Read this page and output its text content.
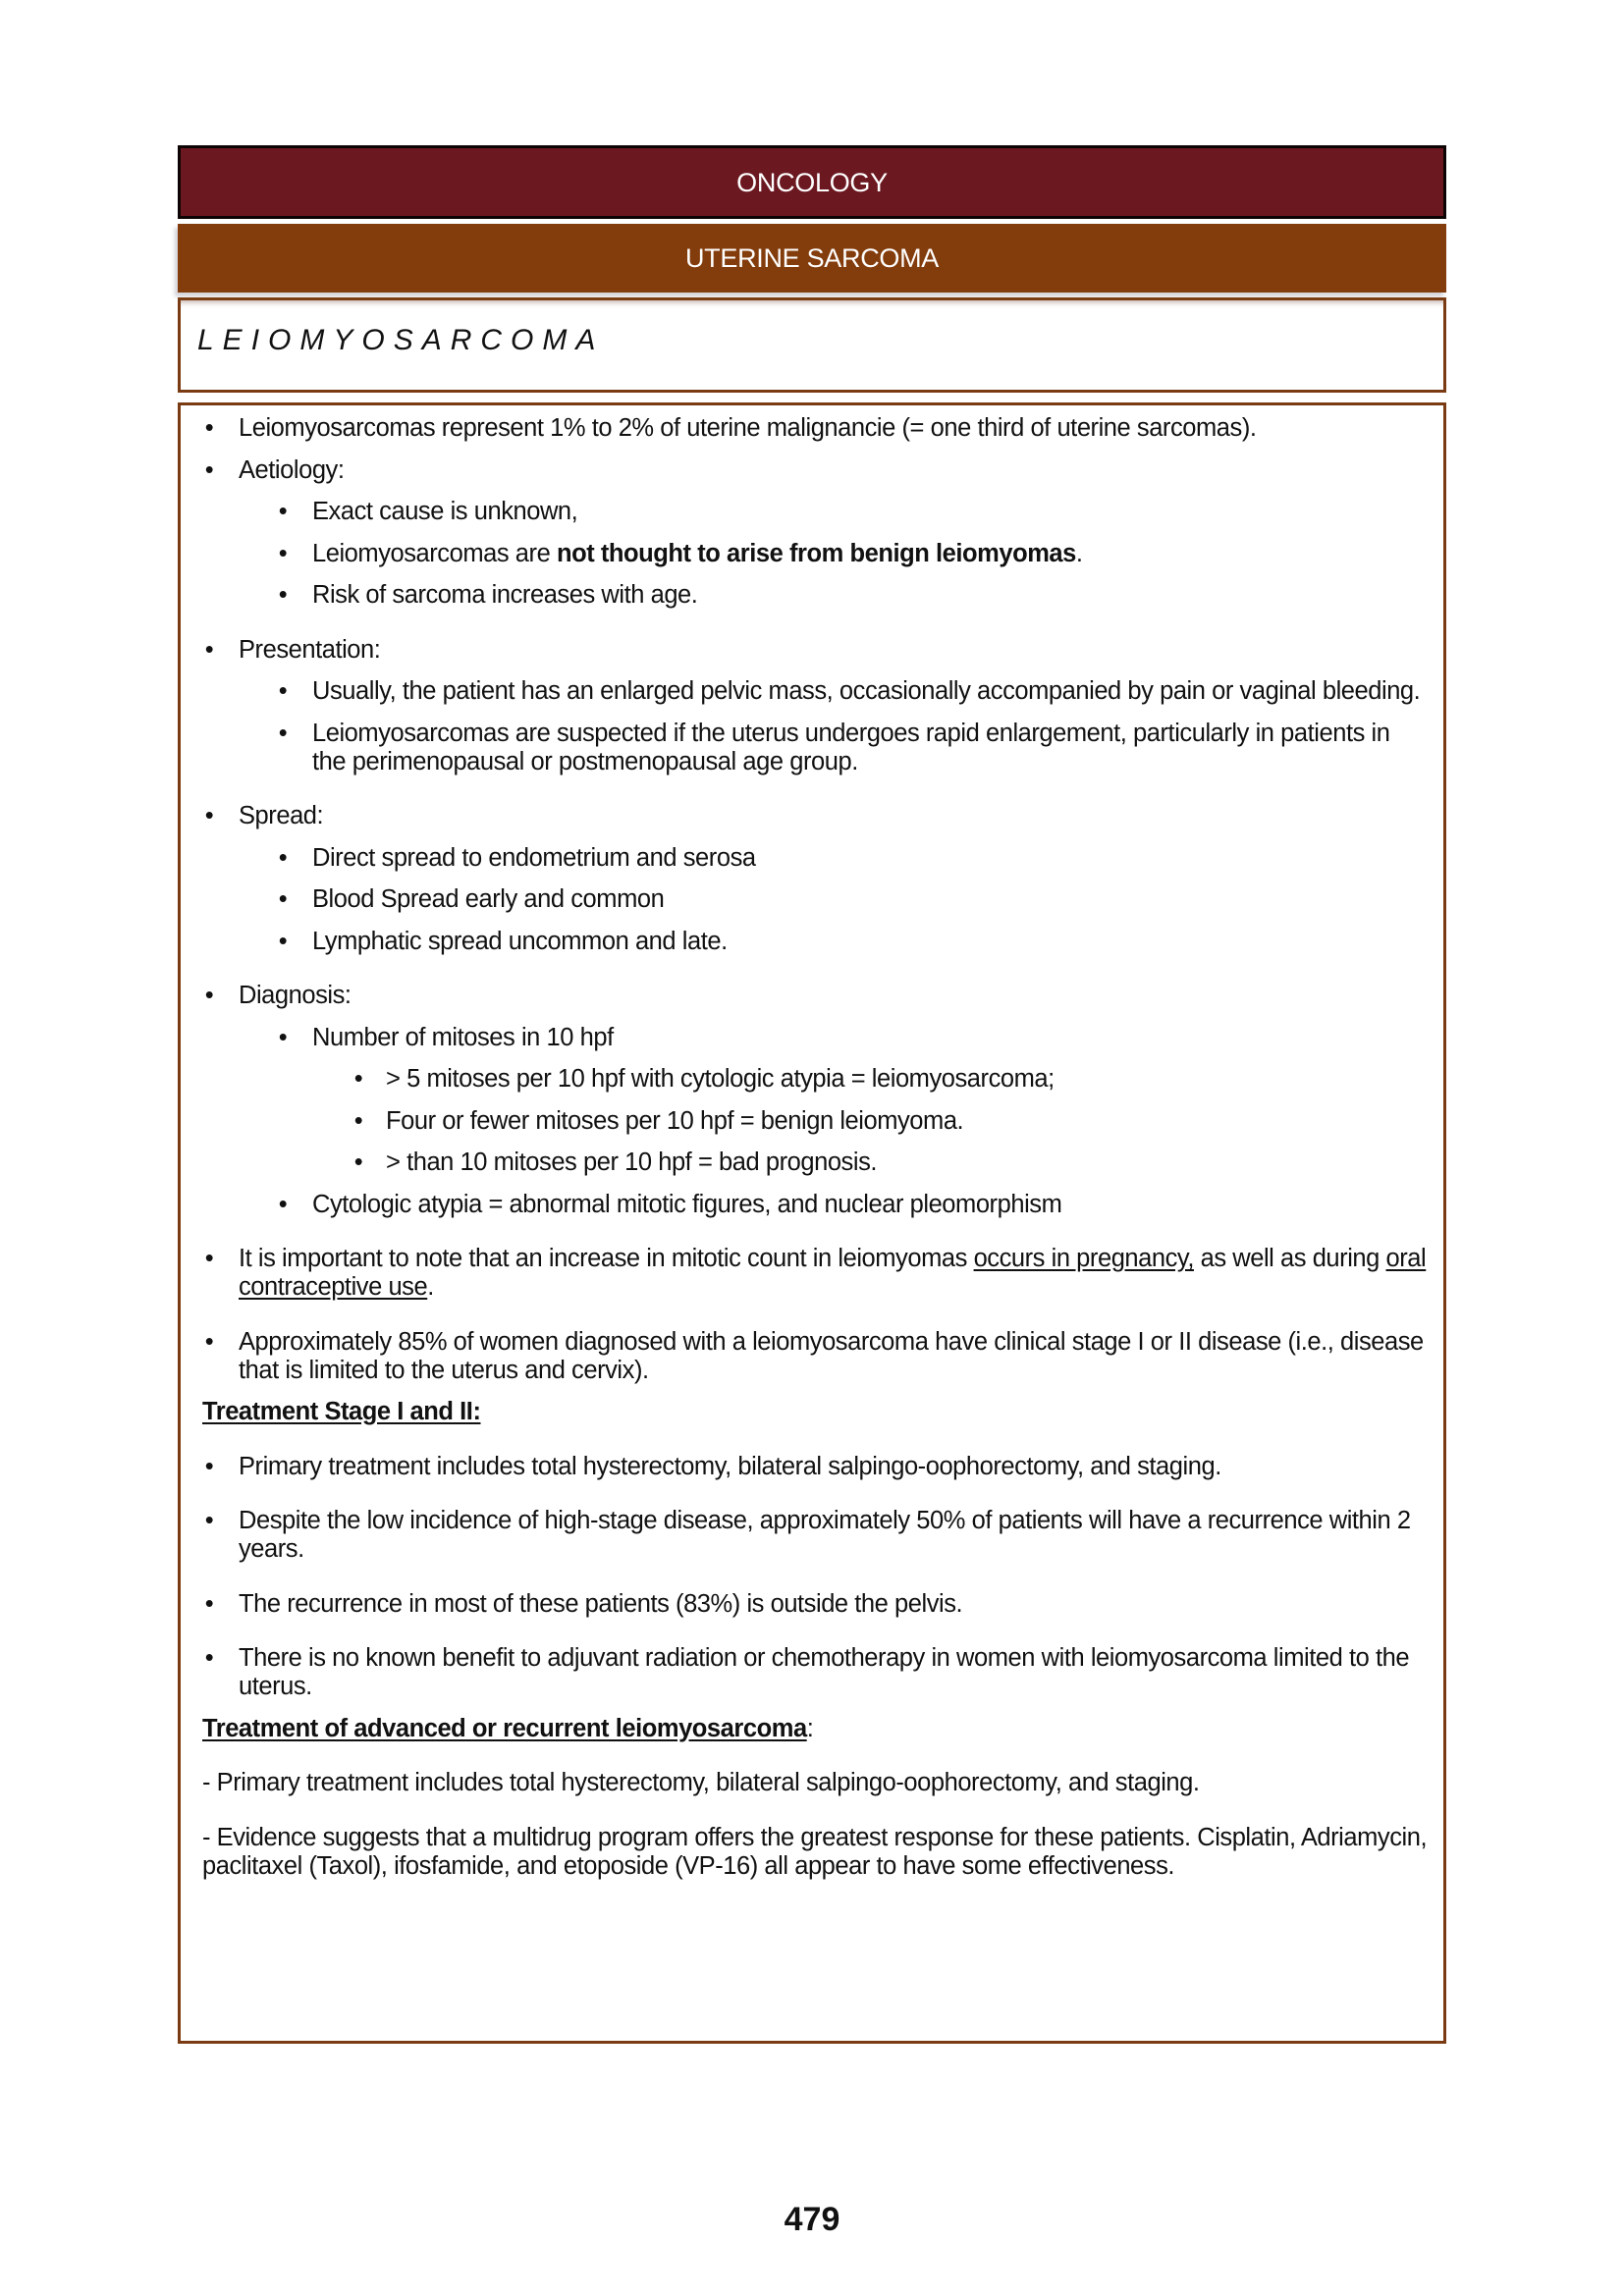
ONCOLOGY
UTERINE SARCOMA
LEIOMYOSARCOMA
• Leiomyosarcomas represent 1% to 2% of uterine malignancie (= one third of uterine sarcomas).
• Aetiology:
• Exact cause is unknown,
• Leiomyosarcomas are not thought to arise from benign leiomyomas.
• Risk of sarcoma increases with age.
• Presentation:
• Usually, the patient has an enlarged pelvic mass, occasionally accompanied by pain or vaginal bleeding.
• Leiomyosarcomas are suspected if the uterus undergoes rapid enlargement, particularly in patients in the perimenopausal or postmenopausal age group.
• Spread:
• Direct spread to endometrium and serosa
• Blood Spread early and common
• Lymphatic spread uncommon and late.
• Diagnosis:
• Number of mitoses in 10 hpf
• > 5 mitoses per 10 hpf with cytologic atypia = leiomyosarcoma;
• Four or fewer mitoses per 10 hpf = benign leiomyoma.
• > than 10 mitoses per 10 hpf = bad prognosis.
• Cytologic atypia = abnormal mitotic figures, and nuclear pleomorphism
• It is important to note that an increase in mitotic count in leiomyomas occurs in pregnancy, as well as during oral contraceptive use.
• Approximately 85% of women diagnosed with a leiomyosarcoma have clinical stage I or II disease (i.e., disease that is limited to the uterus and cervix).
Treatment Stage I and II:
• Primary treatment includes total hysterectomy, bilateral salpingo-oophorectomy, and staging.
• Despite the low incidence of high-stage disease, approximately 50% of patients will have a recurrence within 2 years.
• The recurrence in most of these patients (83%) is outside the pelvis.
• There is no known benefit to adjuvant radiation or chemotherapy in women with leiomyosarcoma limited to the uterus.
Treatment of advanced or recurrent leiomyosarcoma:
- Primary treatment includes total hysterectomy, bilateral salpingo-oophorectomy, and staging.
- Evidence suggests that a multidrug program offers the greatest response for these patients. Cisplatin, Adriamycin, paclitaxel (Taxol), ifosfamide, and etoposide (VP-16) all appear to have some effectiveness.
479
